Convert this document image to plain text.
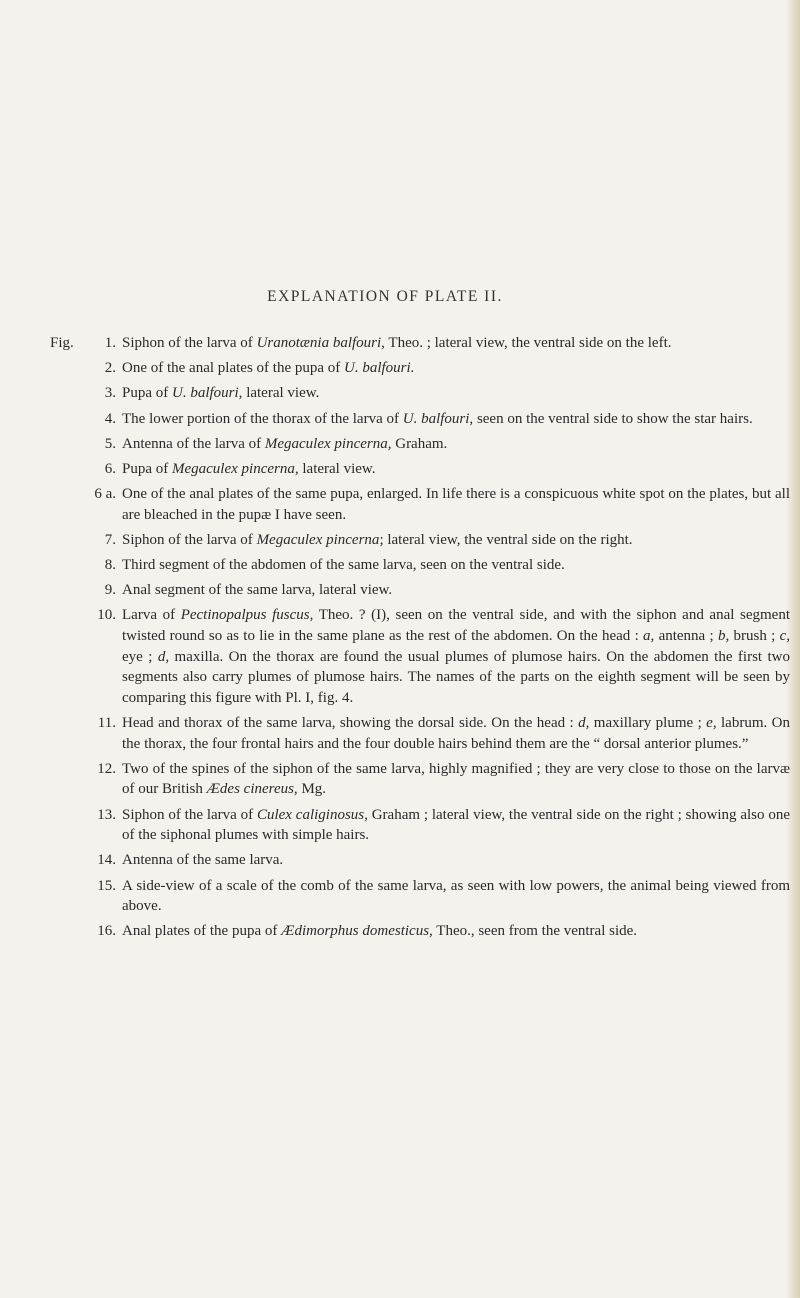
EXPLANATION OF PLATE II.
Fig.	1. Siphon of the larva of Uranotænia balfouri, Theo. ; lateral view, the ventral side on the left.
2. One of the anal plates of the pupa of U. balfouri.
3. Pupa of U. balfouri, lateral view.
4. The lower portion of the thorax of the larva of U. balfouri, seen on the ventral side to show the star hairs.
5. Antenna of the larva of Megaculex pincerna, Graham.
6. Pupa of Megaculex pincerna, lateral view.
6 a. One of the anal plates of the same pupa, enlarged. In life there is a conspicuous white spot on the plates, but all are bleached in the pupæ I have seen.
7. Siphon of the larva of Megaculex pincerna; lateral view, the ventral side on the right.
8. Third segment of the abdomen of the same larva, seen on the ventral side.
9. Anal segment of the same larva, lateral view.
10. Larva of Pectinopalpus fuscus, Theo. ? (I), seen on the ventral side, and with the siphon and anal segment twisted round so as to lie in the same plane as the rest of the abdomen. On the head : a, antenna ; b, brush ; c, eye ; d, maxilla. On the thorax are found the usual plumes of plumose hairs. On the abdomen the first two segments also carry plumes of plumose hairs. The names of the parts on the eighth segment will be seen by comparing this figure with Pl. I, fig. 4.
11. Head and thorax of the same larva, showing the dorsal side. On the head : d, maxillary plume ; e, labrum. On the thorax, the four frontal hairs and the four double hairs behind them are the “ dorsal anterior plumes.”
12. Two of the spines of the siphon of the same larva, highly magnified ; they are very close to those on the larvæ of our British Ædes cinereus, Mg.
13. Siphon of the larva of Culex caliginosus, Graham ; lateral view, the ventral side on the right ; showing also one of the siphonal plumes with simple hairs.
14. Antenna of the same larva.
15. A side-view of a scale of the comb of the same larva, as seen with low powers, the animal being viewed from above.
16. Anal plates of the pupa of Ædimorphus domesticus, Theo., seen from the ventral side.
